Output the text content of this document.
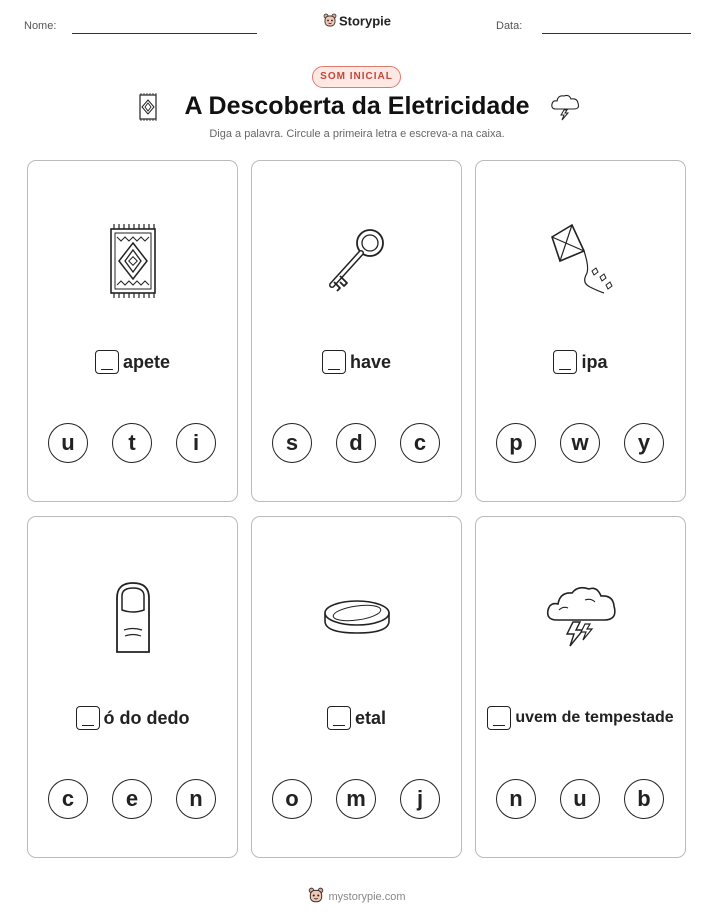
Nome:	Storypie	Data:
SOM INICIAL
A Descoberta da Eletricidade
Diga a palavra. Circule a primeira letra e escreva-a na caixa.
apete
u	t	i
have
s	d	c
ipa
p	w	y
ó do dedo
c	e	n
etal
o	m	j
uvem de tempestade
n	u	b
mystorypie.com
